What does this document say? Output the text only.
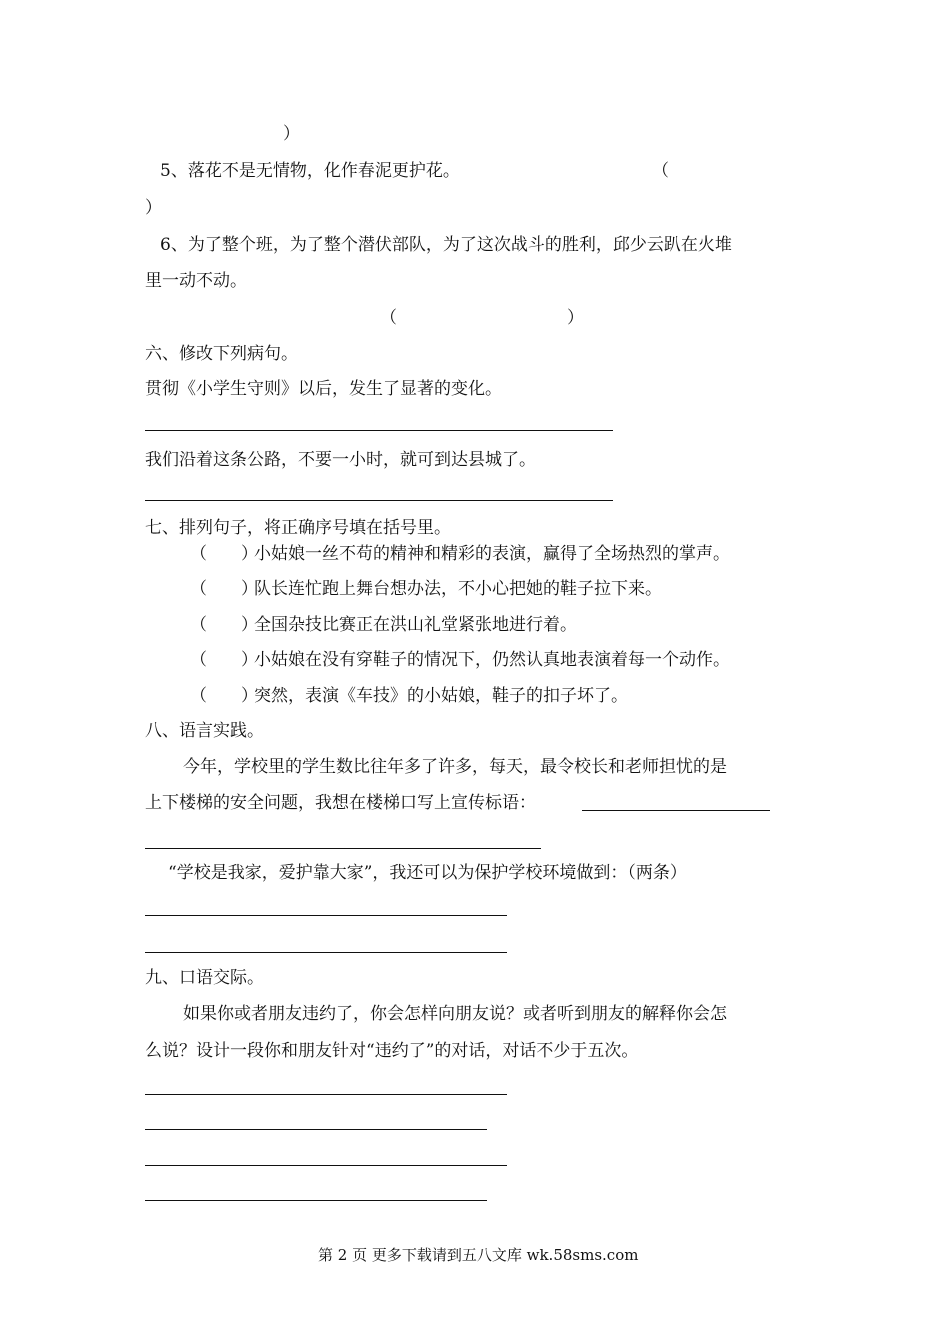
）
5、落花不是无情物，化作春泥更护花。	（
）
6、为了整个班，为了整个潜伏部队，为了这次战斗的胜利，邱少云趴在火堆
里一动不动。
（	）
六、修改下列病句。
贯彻《小学生守则》以后，发生了显著的变化。
我们沿着这条公路，不要一小时，就可到达县城了。
七、排列句子，将正确序号填在括号里。
（　　）
小姑娘一丝不苟的精神和精彩的表演，赢得了全场热烈的掌声。
（　　）
队长连忙跑上舞台想办法，不小心把她的鞋子拉下来。
（　　）
全国杂技比赛正在洪山礼堂紧张地进行着。
（　　）
小姑娘在没有穿鞋子的情况下，仍然认真地表演着每一个动作。
（　　）
突然，表演《车技》的小姑娘，鞋子的扣子坏了。
八、语言实践。
今年，学校里的学生数比往年多了许多，每天，最令校长和老师担忧的是
上下楼梯的安全问题，我想在楼梯口写上宣传标语：
“学校是我家，爱护靠大家”，我还可以为保护学校环境做到：（两条）
九、口语交际。
如果你或者朋友违约了，你会怎样向朋友说？或者听到朋友的解释你会怎
么说？设计一段你和朋友针对“违约了”的对话，对话不少于五次。
第 2 页 更多下载请到五八文库 wk.58sms.com
